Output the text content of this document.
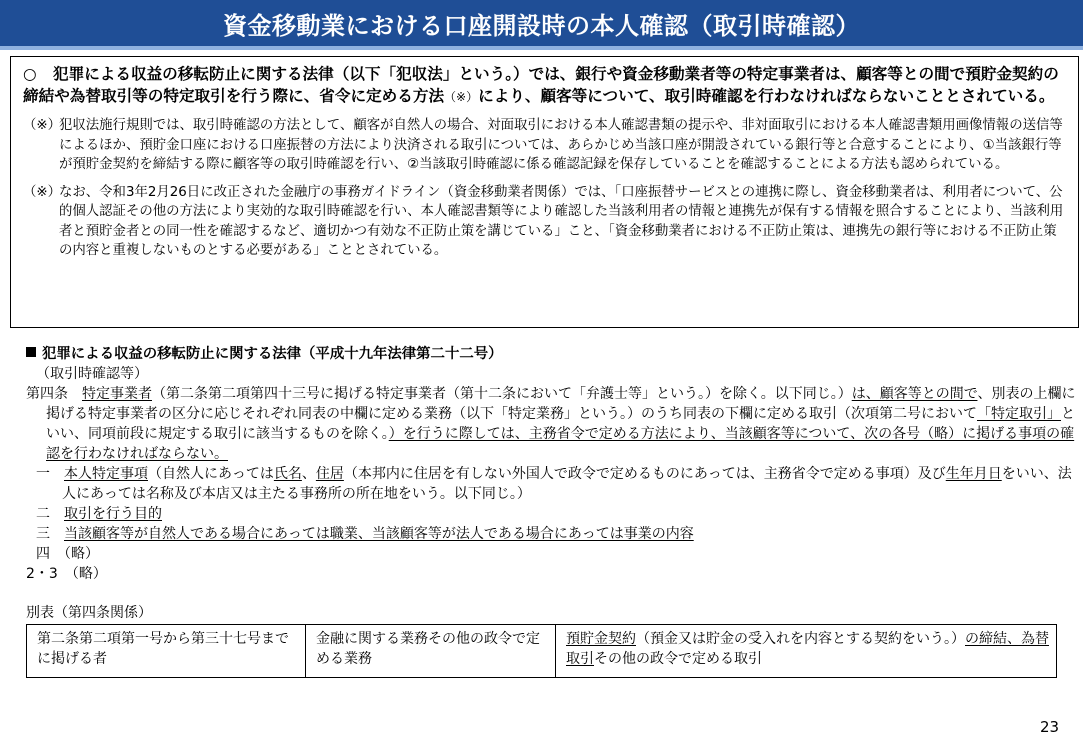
資金移動業における口座開設時の本人確認（取引時確認）

○ 犯罪による収益の移転防止に関する法律（以下「犯収法」という。）では、銀行や資金移動業者等の特定事業者は、顧客等との間で預貯金契約の締結や為替取引等の特定取引を行う際に、省令に定める方法（※）により、顧客等について、取引時確認を行わなければならないこととされている。

（※）犯収法施行規則では、取引時確認の方法として、顧客が自然人の場合、対面取引における本人確認書類の提示や、非対面取引における本人確認書類用画像情報の送信等によるほか、預貯金口座における口座振替の方法により決済される取引については、あらかじめ当該口座が開設されている銀行等と合意することにより、①当該銀行等が預貯金契約を締結する際に顧客等の取引時確認を行い、②当該取引時確認に係る確認記録を保存していることを確認することによる方法も認められている。

（※）なお、令和3年2月26日に改正された金融庁の事務ガイドライン（資金移動業者関係）では、「口座振替サービスとの連携に際し、資金移動業者は、利用者について、公的個人認証その他の方法により実効的な取引時確認を行い、本人確認書類等により確認した当該利用者の情報と連携先が保有する情報を照合することにより、当該利用者と預貯金者との同一性を確認するなど、適切かつ有効な不正防止策を講じている」こと、「資金移動業者における不正防止策は、連携先の銀行等における不正防止策の内容と重複しないものとする必要がある」こととされている。

犯罪による収益の移転防止に関する法律（平成十九年法律第二十二号）

（取引時確認等）

第四条　 特定事業者（第二条第二項第四十三号に掲げる特定事業者（第十二条において「弁護士等」という。）を除く。以下同じ。）は、顧客等との間で、別表の上欄に掲げる特定事業者の区分に応じそれぞれ同表の中欄に定める業務（以下「特定業務」という。）のうち同表の下欄に定める取引（次項第二号において「特定取引」といい、同項前段に規定する取引に該当するものを除く。）を行うに際しては、主務省令で定める方法により、当該顧客等について、次の各号（略）に掲げる事項の確認を行わなければならない。

一　 本人特定事項（自然人にあっては氏名、住居（本邦内に住居を有しない外国人で政令で定めるものにあっては、主務省令で定める事項）及び生年月日をいい、法人にあっては名称及び本店又は主たる事務所の所在地をいう。以下同じ。）

二　 取引を行う目的

三　 当該顧客等が自然人である場合にあっては職業、当該顧客等が法人である場合にあっては事業の内容

四　 （略）

2・3　 （略）

別表（第四条関係）
第二条第二項第一号から第三十七号までに掲げる者	金融に関する業務その他の政令で定める業務	預貯金契約（預金又は貯金の受入れを内容とする契約をいう。）の締結、為替取引その他の政令で定める取引
23
